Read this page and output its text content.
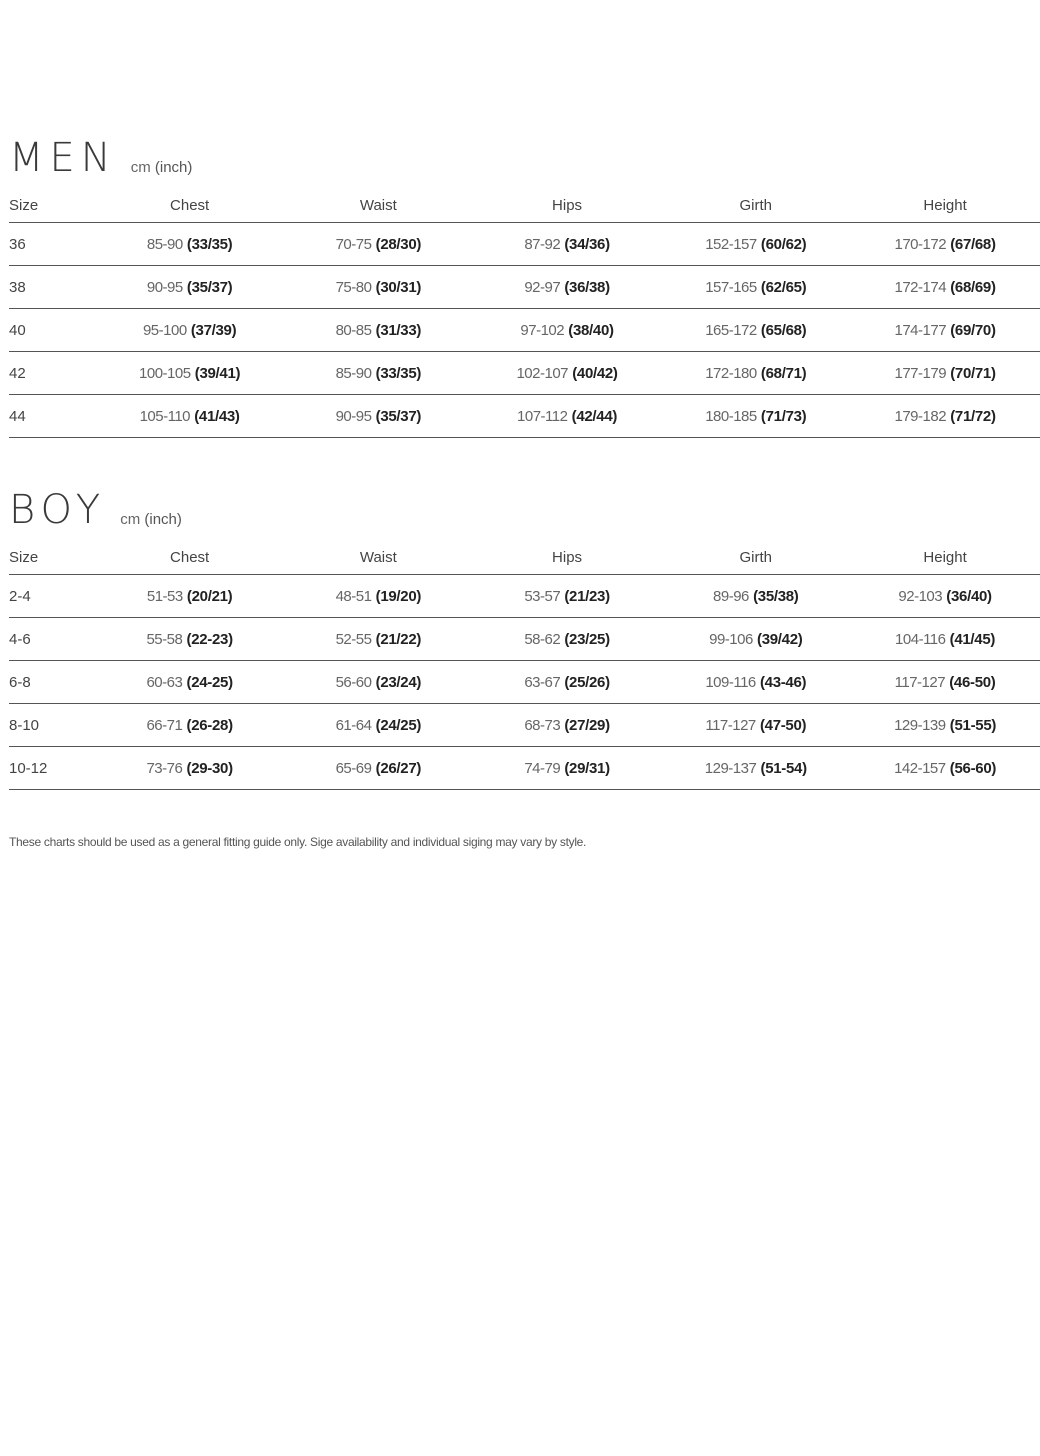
MEN cm (inch)
Size	Chest	Waist	Hips	Girth	Height
36	85-90 (33/35)	70-75 (28/30)	87-92 (34/36)	152-157 (60/62)	170-172 (67/68)
38	90-95 (35/37)	75-80 (30/31)	92-97 (36/38)	157-165 (62/65)	172-174 (68/69)
40	95-100 (37/39)	80-85 (31/33)	97-102 (38/40)	165-172 (65/68)	174-177 (69/70)
42	100-105 (39/41)	85-90 (33/35)	102-107 (40/42)	172-180 (68/71)	177-179 (70/71)
44	105-110 (41/43)	90-95 (35/37)	107-112 (42/44)	180-185 (71/73)	179-182 (71/72)
BOY cm (inch)
Size	Chest	Waist	Hips	Girth	Height
2-4	51-53 (20/21)	48-51 (19/20)	53-57 (21/23)	89-96 (35/38)	92-103 (36/40)
4-6	55-58 (22-23)	52-55 (21/22)	58-62 (23/25)	99-106 (39/42)	104-116 (41/45)
6-8	60-63 (24-25)	56-60 (23/24)	63-67 (25/26)	109-116 (43-46)	117-127 (46-50)
8-10	66-71 (26-28)	61-64 (24/25)	68-73 (27/29)	117-127 (47-50)	129-139 (51-55)
10-12	73-76 (29-30)	65-69 (26/27)	74-79 (29/31)	129-137 (51-54)	142-157 (56-60)

These charts should be used as a general fitting guide only. Sige availability and individual siging may vary by style.
